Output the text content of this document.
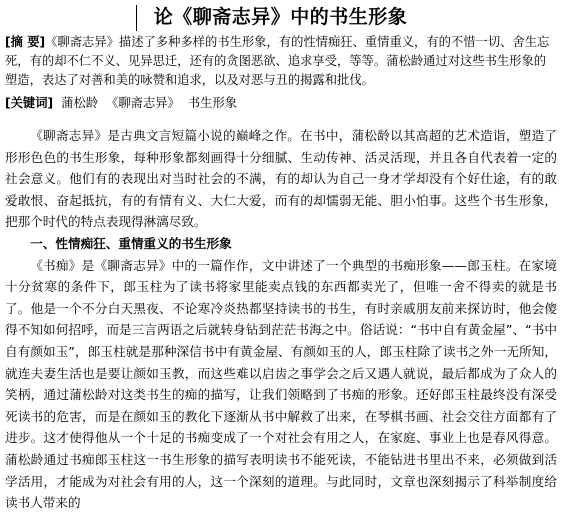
论《聊斋志异》中的书生形象

[摘 要]《聊斋志异》描述了多种多样的书生形象，有的性情痴狂、重情重义，有的不惜一切、舍生忘死，有的却不仁不义、见异思迁，还有的贪图恶欲、追求享受，等等。蒲松龄通过对这些书生形象的塑造，表达了对善和美的咏赞和追求，以及对恶与丑的揭露和批伐。

[关键词] 蒲松龄 《聊斋志异》 书生形象

《聊斋志异》是古典文言短篇小说的巅峰之作。在书中，蒲松龄以其高超的艺术造诣，塑造了形形色色的书生形象，每种形象都刻画得十分细腻、生动传神、活灵活现，并且各自代表着一定的社会意义。他们有的表现出对当时社会的不满，有的却认为自己一身才学却没有个好仕途，有的敢爱敢恨、奋起抵抗，有的有情有义、大仁大爱，而有的却懦弱无能、胆小怕事。这些个书生形象，把那个时代的特点表现得淋漓尽致。

一、性情痴狂、重情重义的书生形象

《书痴》是《聊斋志异》中的一篇作作，文中讲述了一个典型的书痴形象——郎玉柱。在家境十分贫寒的条件下，郎玉柱为了读书将家里能卖点钱的东西都卖光了，但唯一舍不得卖的就是书了。他是一个不分白天黑夜、不论寒冷炎热都坚持读书的书生，有时亲戚朋友前来探访时，他会傻得不知如何招呼，而是三言两语之后就转身钻到茫茫书海之中。俗话说：“书中自有黄金屋”、“书中自有颜如玉”，郎玉柱就是那种深信书中有黄金屋、有颜如玉的人，郎玉柱除了读书之外一无所知，就连夫妻生活也是要让颜如玉教，而这些难以启齿之事学会之后又遇人就说，最后都成为了众人的笑柄，通过蒲松龄对这类书生的痴的描写，让我们领略到了书痴的形象。还好郎玉柱最终没有深受死读书的危害，而是在颜如玉的教化下逐渐从书中解救了出来，在琴棋书画、社会交往方面都有了进步。这才使得他从一个十足的书痴变成了一个对社会有用之人，在家庭、事业上也是春风得意。蒲松龄通过书痴郎玉柱这一书生形象的描写表明读书不能死读，不能钻进书里出不来，必须做到活学活用，才能成为对社会有用的人，这一个深刻的道理。与此同时，文章也深刻揭示了科举制度给读书人带来的
